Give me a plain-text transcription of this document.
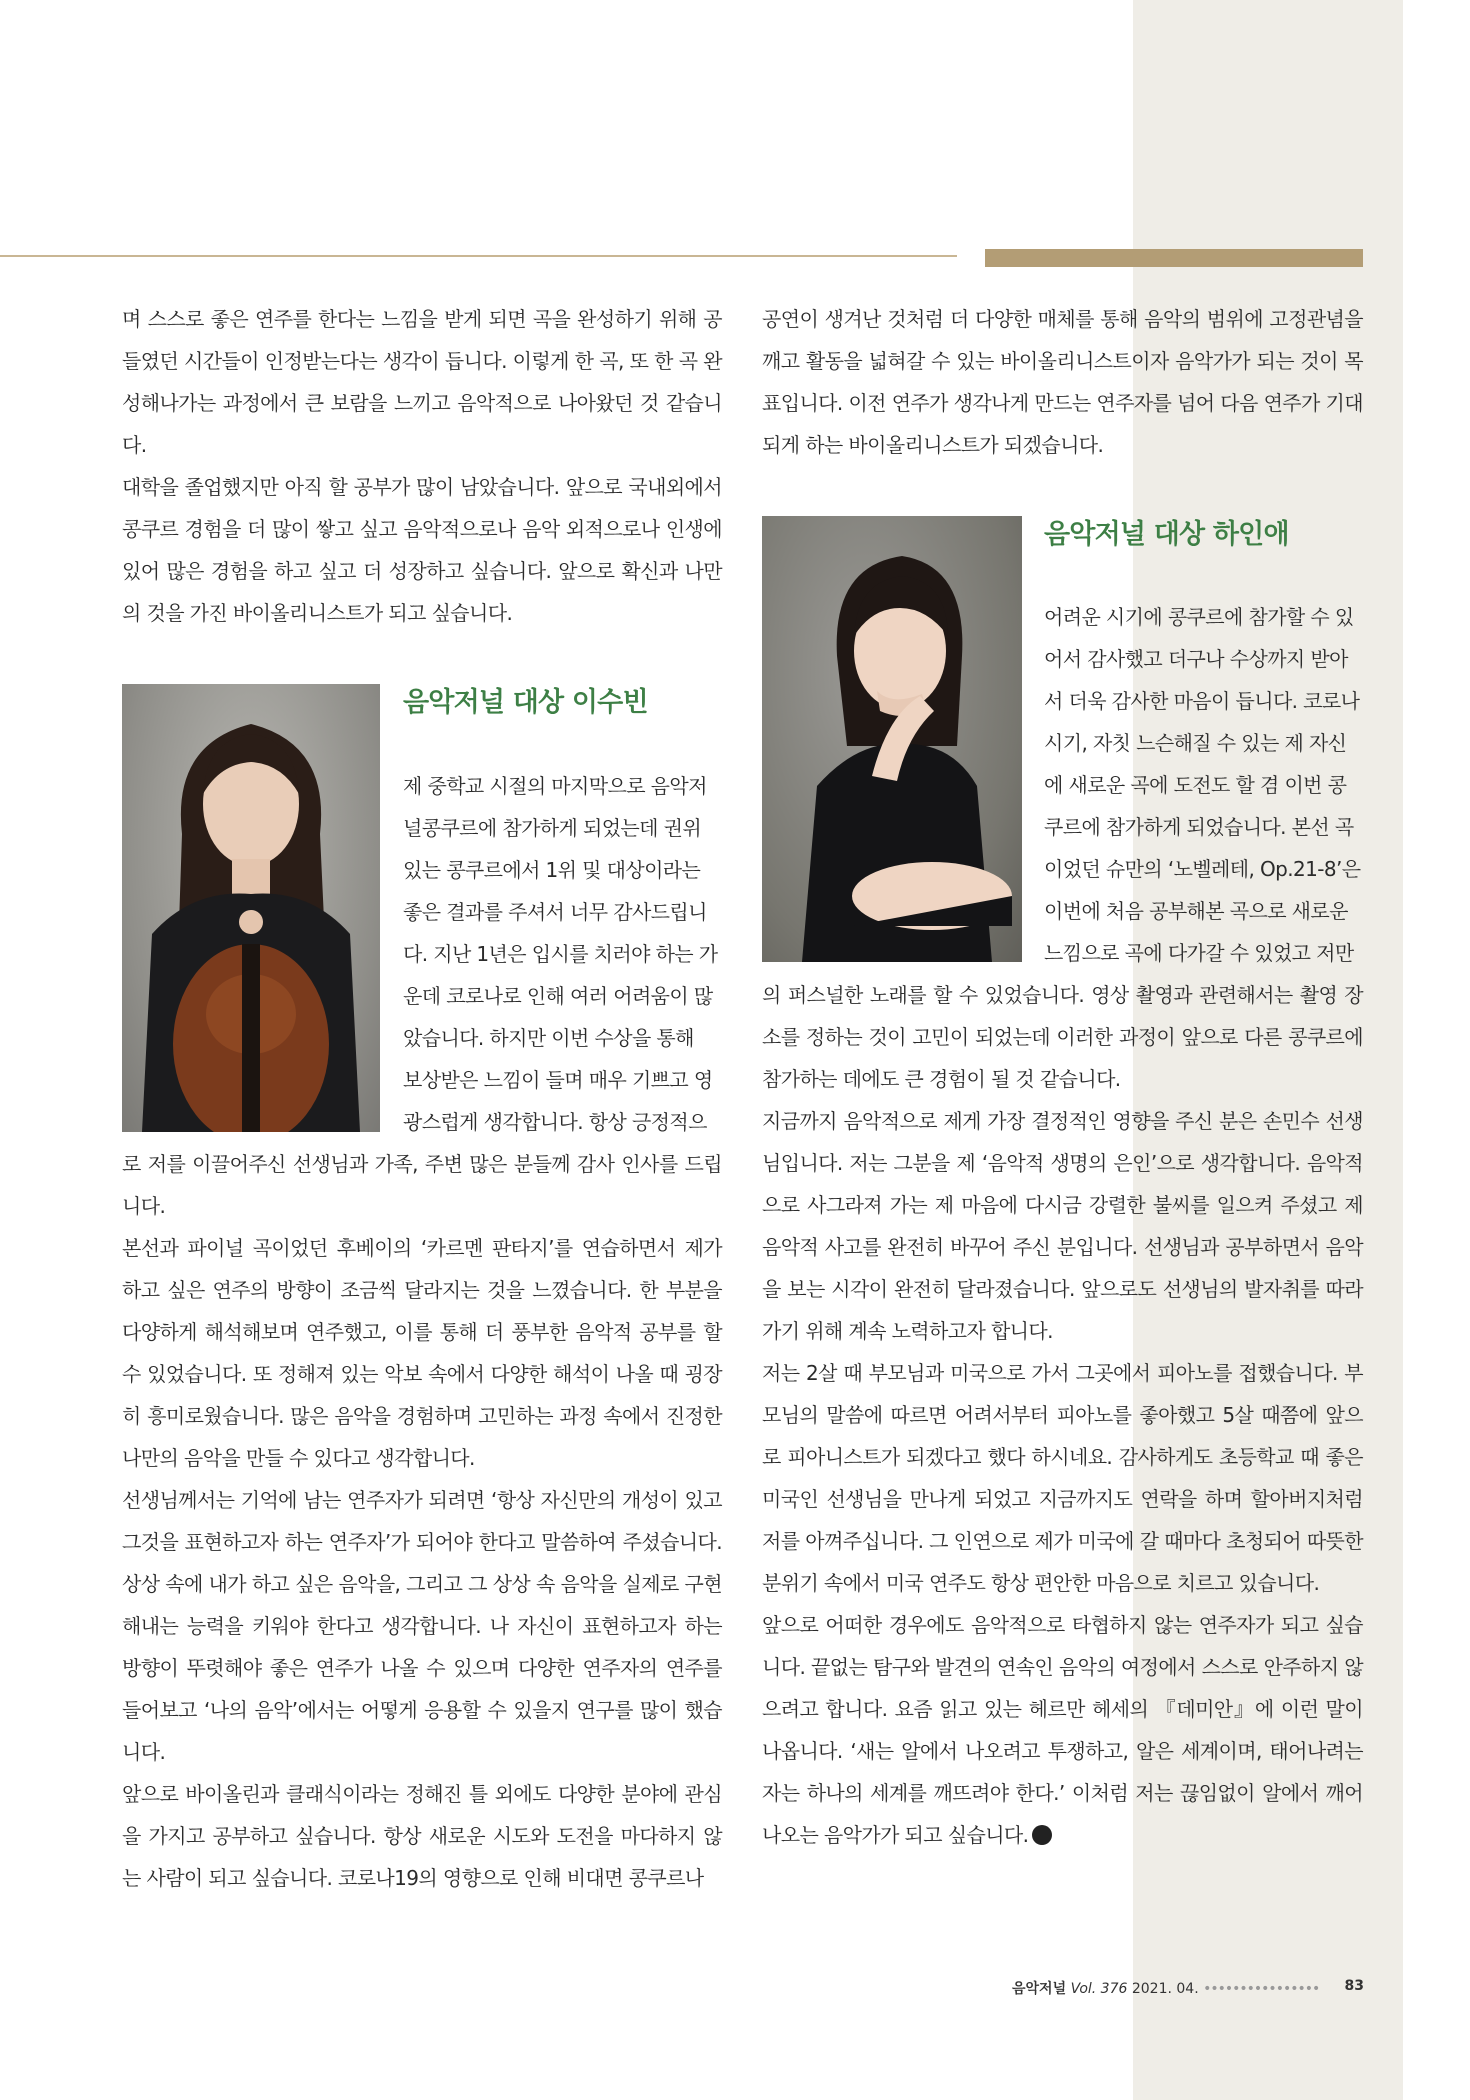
며 스스로 좋은 연주를 한다는 느낌을 받게 되면 곡을 완성하기 위해 공들였던 시간들이 인정받는다는 생각이 듭니다. 이렇게 한 곡, 또 한 곡 완성해나가는 과정에서 큰 보람을 느끼고 음악적으로 나아왔던 것 같습니다.

대학을 졸업했지만 아직 할 공부가 많이 남았습니다. 앞으로 국내외에서 콩쿠르 경험을 더 많이 쌓고 싶고 음악적으로나 음악 외적으로나 인생에 있어 많은 경험을 하고 싶고 더 성장하고 싶습니다. 앞으로 확신과 나만의 것을 가진 바이올리니스트가 되고 싶습니다.

제 중학교 시절의 마지막으로 음악저

널콩쿠르에 참가하게 되었는데 권위

있는 콩쿠르에서 1위 및 대상이라는

좋은 결과를 주셔서 너무 감사드립니

다. 지난 1년은 입시를 치러야 하는 가

운데 코로나로 인해 여러 어려움이 많

았습니다. 하지만 이번 수상을 통해

보상받은 느낌이 들며 매우 기쁘고 영

광스럽게 생각합니다. 항상 긍정적으

로 저를 이끌어주신 선생님과 가족, 주변 많은 분들께 감사 인사를 드립니다.

본선과 파이널 곡이었던 후베이의 ‘카르멘 판타지’를 연습하면서 제가 하고 싶은 연주의 방향이 조금씩 달라지는 것을 느꼈습니다. 한 부분을 다양하게 해석해보며 연주했고, 이를 통해 더 풍부한 음악적 공부를 할 수 있었습니다. 또 정해져 있는 악보 속에서 다양한 해석이 나올 때 굉장히 흥미로웠습니다. 많은 음악을 경험하며 고민하는 과정 속에서 진정한 나만의 음악을 만들 수 있다고 생각합니다.

선생님께서는 기억에 남는 연주자가 되려면 ‘항상 자신만의 개성이 있고 그것을 표현하고자 하는 연주자’가 되어야 한다고 말씀하여 주셨습니다. 상상 속에 내가 하고 싶은 음악을, 그리고 그 상상 속 음악을 실제로 구현해내는 능력을 키워야 한다고 생각합니다. 나 자신이 표현하고자 하는 방향이 뚜렷해야 좋은 연주가 나올 수 있으며 다양한 연주자의 연주를 들어보고 ‘나의 음악’에서는 어떻게 응용할 수 있을지 연구를 많이 했습니다.

앞으로 바이올린과 클래식이라는 정해진 틀 외에도 다양한 분야에 관심을 가지고 공부하고 싶습니다. 항상 새로운 시도와 도전을 마다하지 않는 사람이 되고 싶습니다. 코로나19의 영향으로 인해 비대면 콩쿠르나

음악저널 대상 이수빈

공연이 생겨난 것처럼 더 다양한 매체를 통해 음악의 범위에 고정관념을 깨고 활동을 넓혀갈 수 있는 바이올리니스트이자 음악가가 되는 것이 목표입니다. 이전 연주가 생각나게 만드는 연주자를 넘어 다음 연주가 기대되게 하는 바이올리니스트가 되겠습니다.

어려운 시기에 콩쿠르에 참가할 수 있

어서 감사했고 더구나 수상까지 받아

서 더욱 감사한 마음이 듭니다. 코로나

시기, 자칫 느슨해질 수 있는 제 자신

에 새로운 곡에 도전도 할 겸 이번 콩

쿠르에 참가하게 되었습니다. 본선 곡

이었던 슈만의 ‘노벨레테, Op.21-8’은

이번에 처음 공부해본 곡으로 새로운

느낌으로 곡에 다가갈 수 있었고 저만

의 퍼스널한 노래를 할 수 있었습니다. 영상 촬영과 관련해서는 촬영 장소를 정하는 것이 고민이 되었는데 이러한 과정이 앞으로 다른 콩쿠르에 참가하는 데에도 큰 경험이 될 것 같습니다.

지금까지 음악적으로 제게 가장 결정적인 영향을 주신 분은 손민수 선생님입니다. 저는 그분을 제 ‘음악적 생명의 은인’으로 생각합니다. 음악적으로 사그라져 가는 제 마음에 다시금 강렬한 불씨를 일으켜 주셨고 제 음악적 사고를 완전히 바꾸어 주신 분입니다. 선생님과 공부하면서 음악을 보는 시각이 완전히 달라졌습니다. 앞으로도 선생님의 발자취를 따라가기 위해 계속 노력하고자 합니다.

저는 2살 때 부모님과 미국으로 가서 그곳에서 피아노를 접했습니다. 부모님의 말씀에 따르면 어려서부터 피아노를 좋아했고 5살 때쯤에 앞으로 피아니스트가 되겠다고 했다 하시네요. 감사하게도 초등학교 때 좋은 미국인 선생님을 만나게 되었고 지금까지도 연락을 하며 할아버지처럼 저를 아껴주십니다. 그 인연으로 제가 미국에 갈 때마다 초청되어 따뜻한 분위기 속에서 미국 연주도 항상 편안한 마음으로 치르고 있습니다.

앞으로 어떠한 경우에도 음악적으로 타협하지 않는 연주자가 되고 싶습니다. 끝없는 탐구와 발견의 연속인 음악의 여정에서 스스로 안주하지 않으려고 합니다. 요즘 읽고 있는 헤르만 헤세의 『데미안』에 이런 말이 나옵니다. ‘새는 알에서 나오려고 투쟁하고, 알은 세계이며, 태어나려는 자는 하나의 세계를 깨뜨려야 한다.’ 이처럼 저는 끊임없이 알에서 깨어 나오는 음악가가 되고 싶습니다.

음악저널 대상 하인애
음악저널 Vol. 376 2021. 04. •••••••••••••••• 83
